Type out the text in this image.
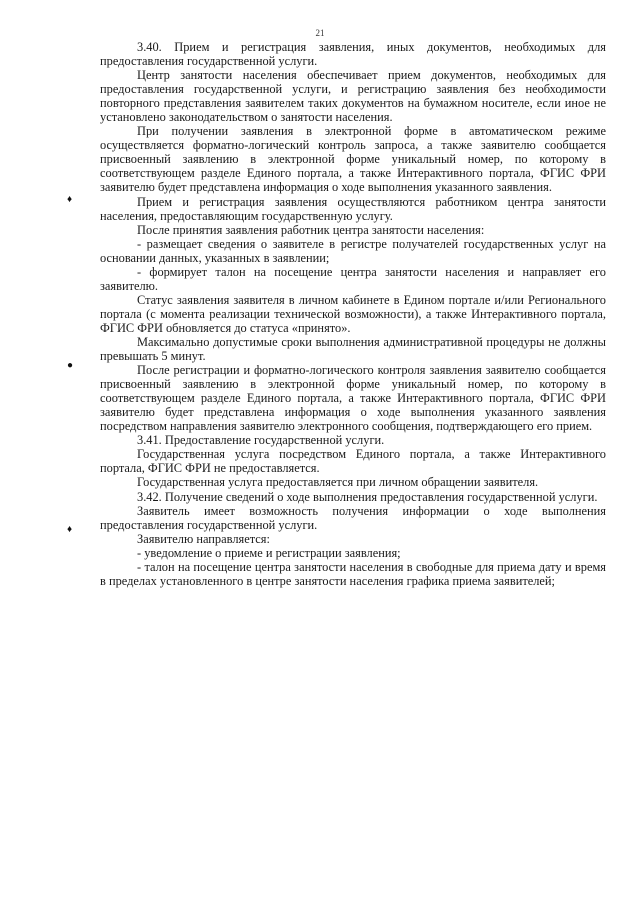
21
♦
●
♦

3.40. Прием и регистрация заявления, иных документов, необходимых для предоставления государственной услуги.

Центр занятости населения обеспечивает прием документов, необходимых для предоставления государственной услуги, и регистрацию заявления без необходимости повторного представления заявителем таких документов на бумажном носителе, если иное не установлено законодательством о занятости населения.

При получении заявления в электронной форме в автоматическом режиме осуществляется форматно-логический контроль запроса, а также заявителю сообщается присвоенный заявлению в электронной форме уникальный номер, по которому в соответствующем разделе Единого портала, а также Интерактивного портала, ФГИС ФРИ заявителю будет представлена информация о ходе выполнения указанного заявления.

Прием и регистрация заявления осуществляются работником центра занятости населения, предоставляющим государственную услугу.

После принятия заявления работник центра занятости населения:

- размещает сведения о заявителе в регистре получателей государственных услуг на основании данных, указанных в заявлении;

- формирует талон на посещение центра занятости населения и направляет его заявителю.

Статус заявления заявителя в личном кабинете в Едином портале и/или Регионального портала (с момента реализации технической возможности), а также Интерактивного портала, ФГИС ФРИ обновляется до статуса «принято».

Максимально допустимые сроки выполнения административной процедуры не должны превышать 5 минут.

После регистрации и форматно-логического контроля заявления заявителю сообщается присвоенный заявлению в электронной форме уникальный номер, по которому в соответствующем разделе Единого портала, а также Интерактивного портала, ФГИС ФРИ заявителю будет представлена информация о ходе выполнения указанного заявления посредством направления заявителю электронного сообщения, подтверждающего его прием.

3.41. Предоставление государственной услуги.

Государственная услуга посредством Единого портала, а также Интерактивного портала, ФГИС ФРИ не предоставляется.

Государственная услуга предоставляется при личном обращении заявителя.

3.42. Получение сведений о ходе выполнения предоставления государственной услуги.

Заявитель имеет возможность получения информации о ходе выполнения предоставления государственной услуги.

Заявителю направляется:

- уведомление о приеме и регистрации заявления;

- талон на посещение центра занятости населения в свободные для приема дату и время в пределах установленного в центре занятости населения графика приема заявителей;
